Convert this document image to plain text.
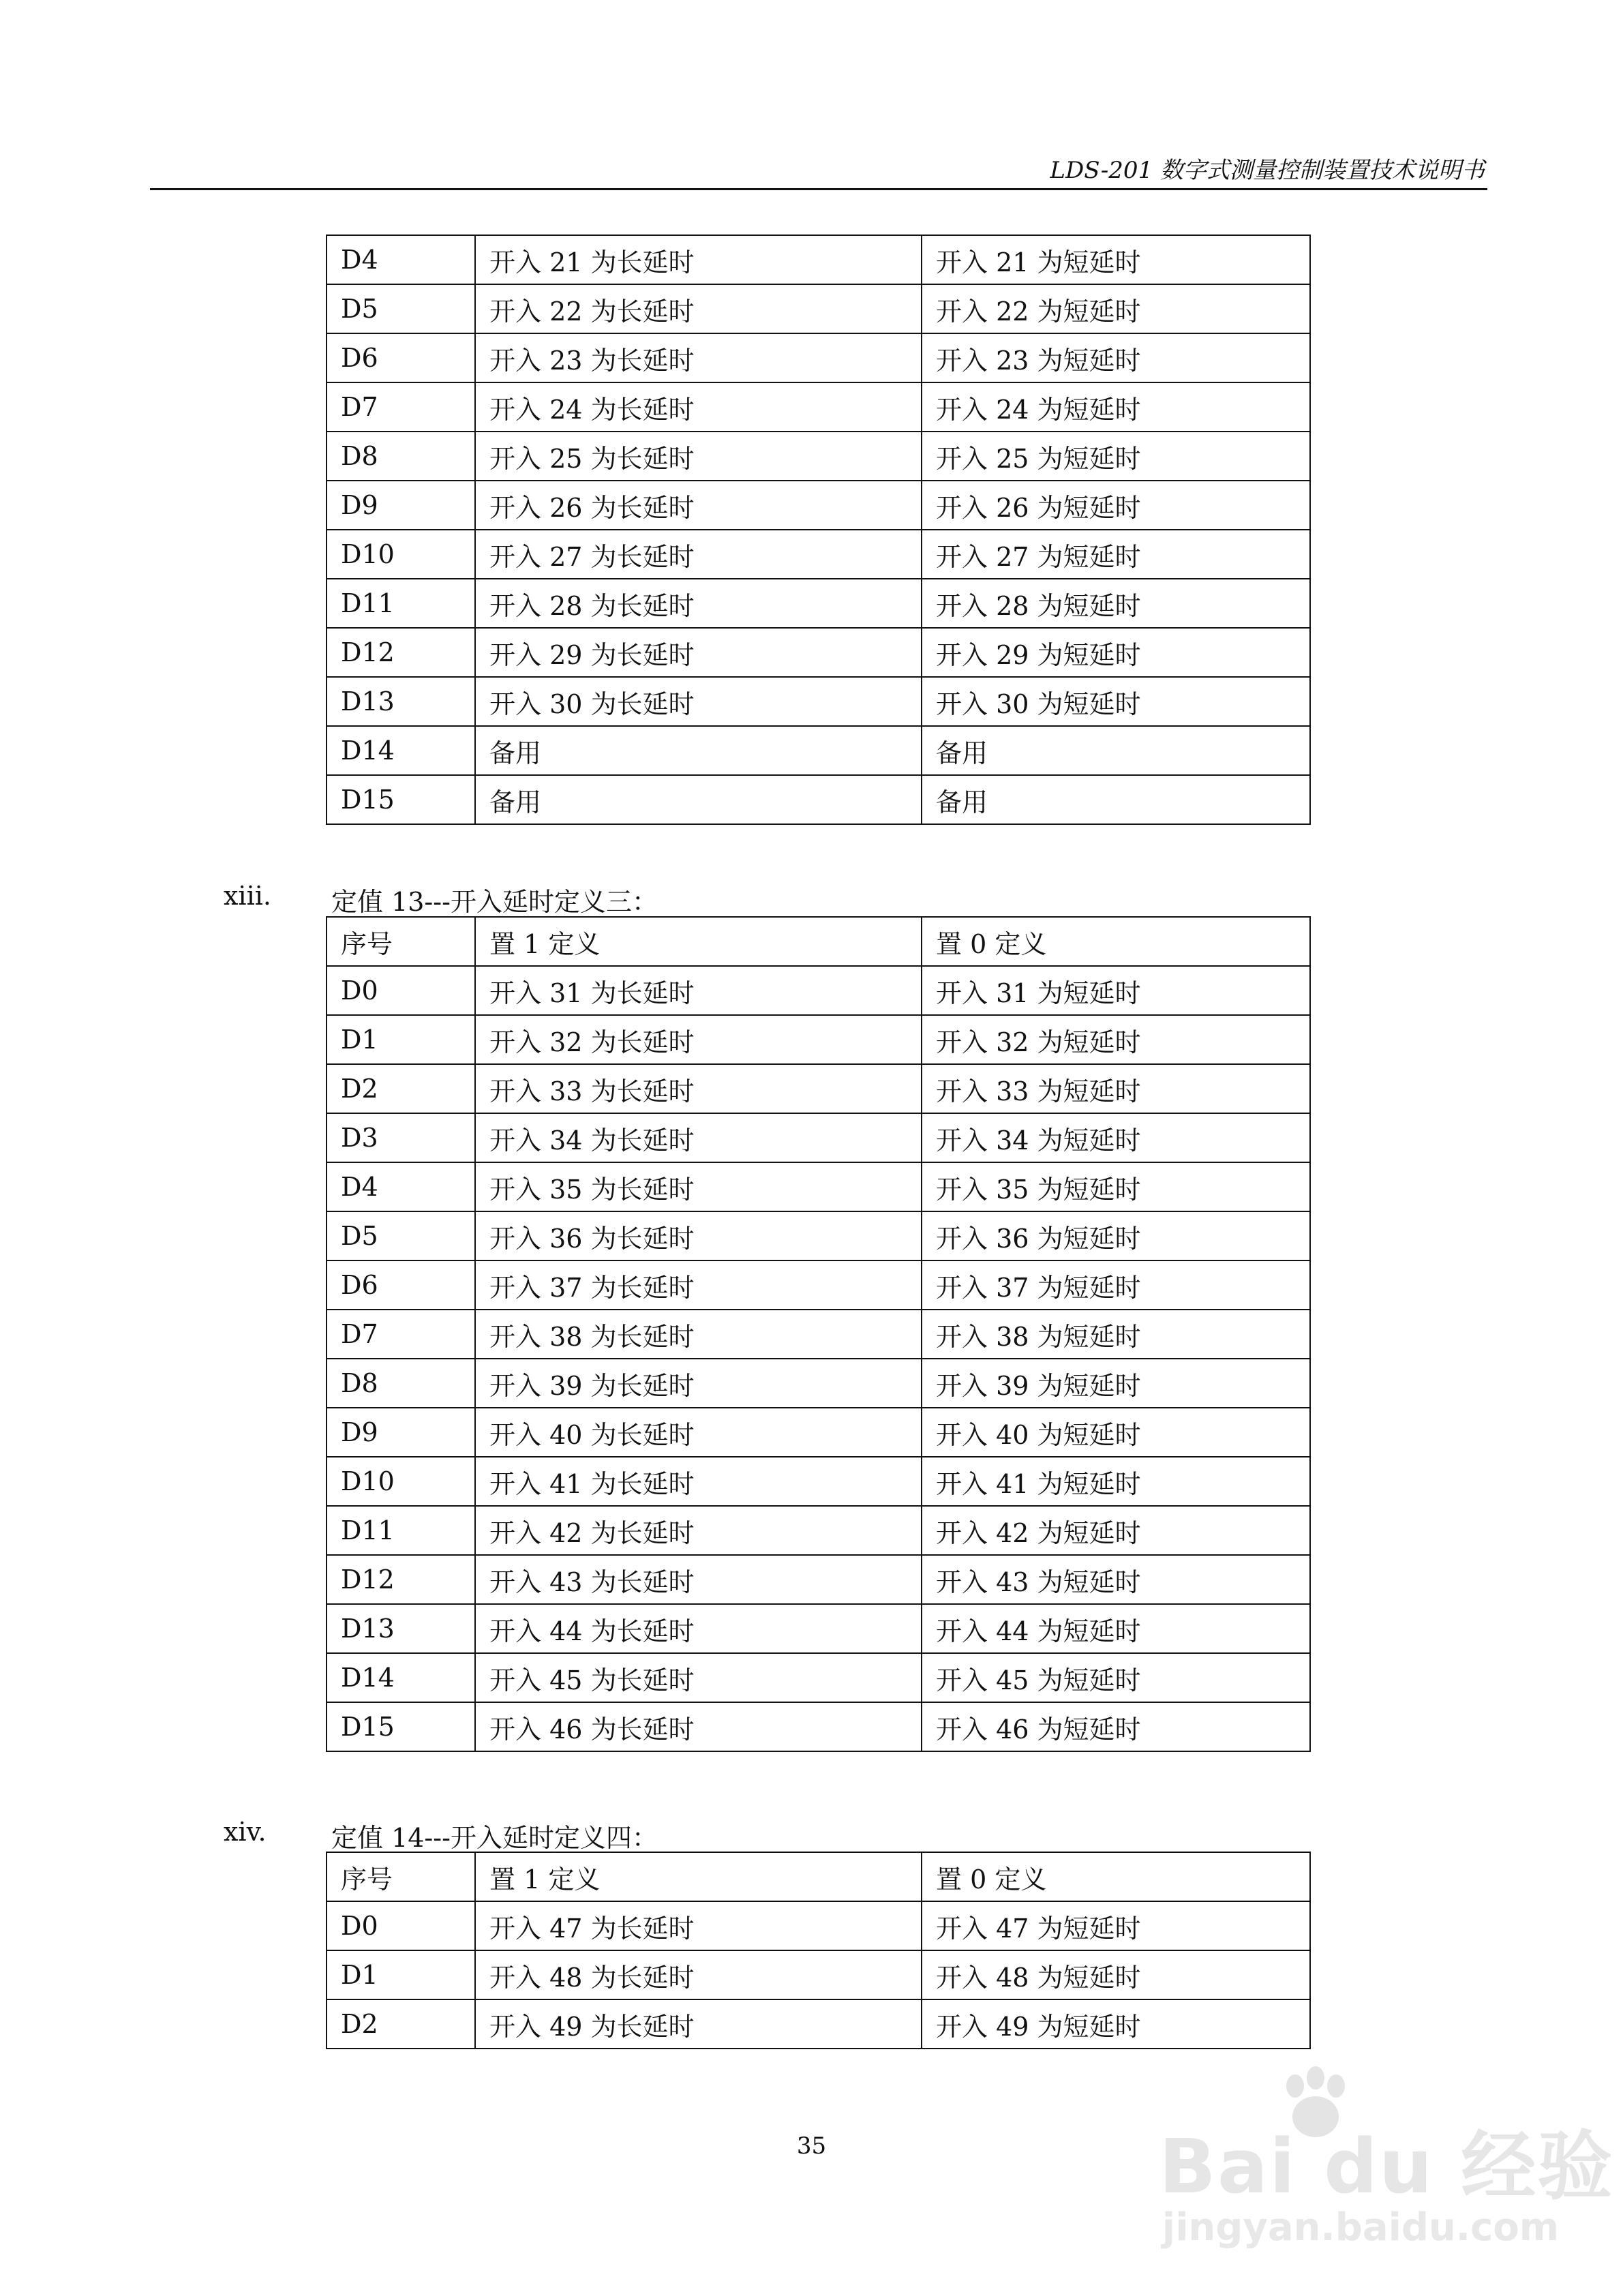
LDS-201 数字式测量控制装置技术说明书
D4	开入 21 为长延时	开入 21 为短延时
D5	开入 22 为长延时	开入 22 为短延时
D6	开入 23 为长延时	开入 23 为短延时
D7	开入 24 为长延时	开入 24 为短延时
D8	开入 25 为长延时	开入 25 为短延时
D9	开入 26 为长延时	开入 26 为短延时
D10	开入 27 为长延时	开入 27 为短延时
D11	开入 28 为长延时	开入 28 为短延时
D12	开入 29 为长延时	开入 29 为短延时
D13	开入 30 为长延时	开入 30 为短延时
D14	备用	备用
D15	备用	备用
xiii. 定值 13---开入延时定义三：
序号	置 1 定义	置 0 定义
D0	开入 31 为长延时	开入 31 为短延时
D1	开入 32 为长延时	开入 32 为短延时
D2	开入 33 为长延时	开入 33 为短延时
D3	开入 34 为长延时	开入 34 为短延时
D4	开入 35 为长延时	开入 35 为短延时
D5	开入 36 为长延时	开入 36 为短延时
D6	开入 37 为长延时	开入 37 为短延时
D7	开入 38 为长延时	开入 38 为短延时
D8	开入 39 为长延时	开入 39 为短延时
D9	开入 40 为长延时	开入 40 为短延时
D10	开入 41 为长延时	开入 41 为短延时
D11	开入 42 为长延时	开入 42 为短延时
D12	开入 43 为长延时	开入 43 为短延时
D13	开入 44 为长延时	开入 44 为短延时
D14	开入 45 为长延时	开入 45 为短延时
D15	开入 46 为长延时	开入 46 为短延时
xiv.	定值 14---开入延时定义四：
序号	置 1 定义	置 0 定义
D0	开入 47 为长延时	开入 47 为短延时
D1	开入 48 为长延时	开入 48 为短延时
D2	开入 49 为长延时	开入 49 为短延时
35	Bai du 经验
jingyan.baidu.com
